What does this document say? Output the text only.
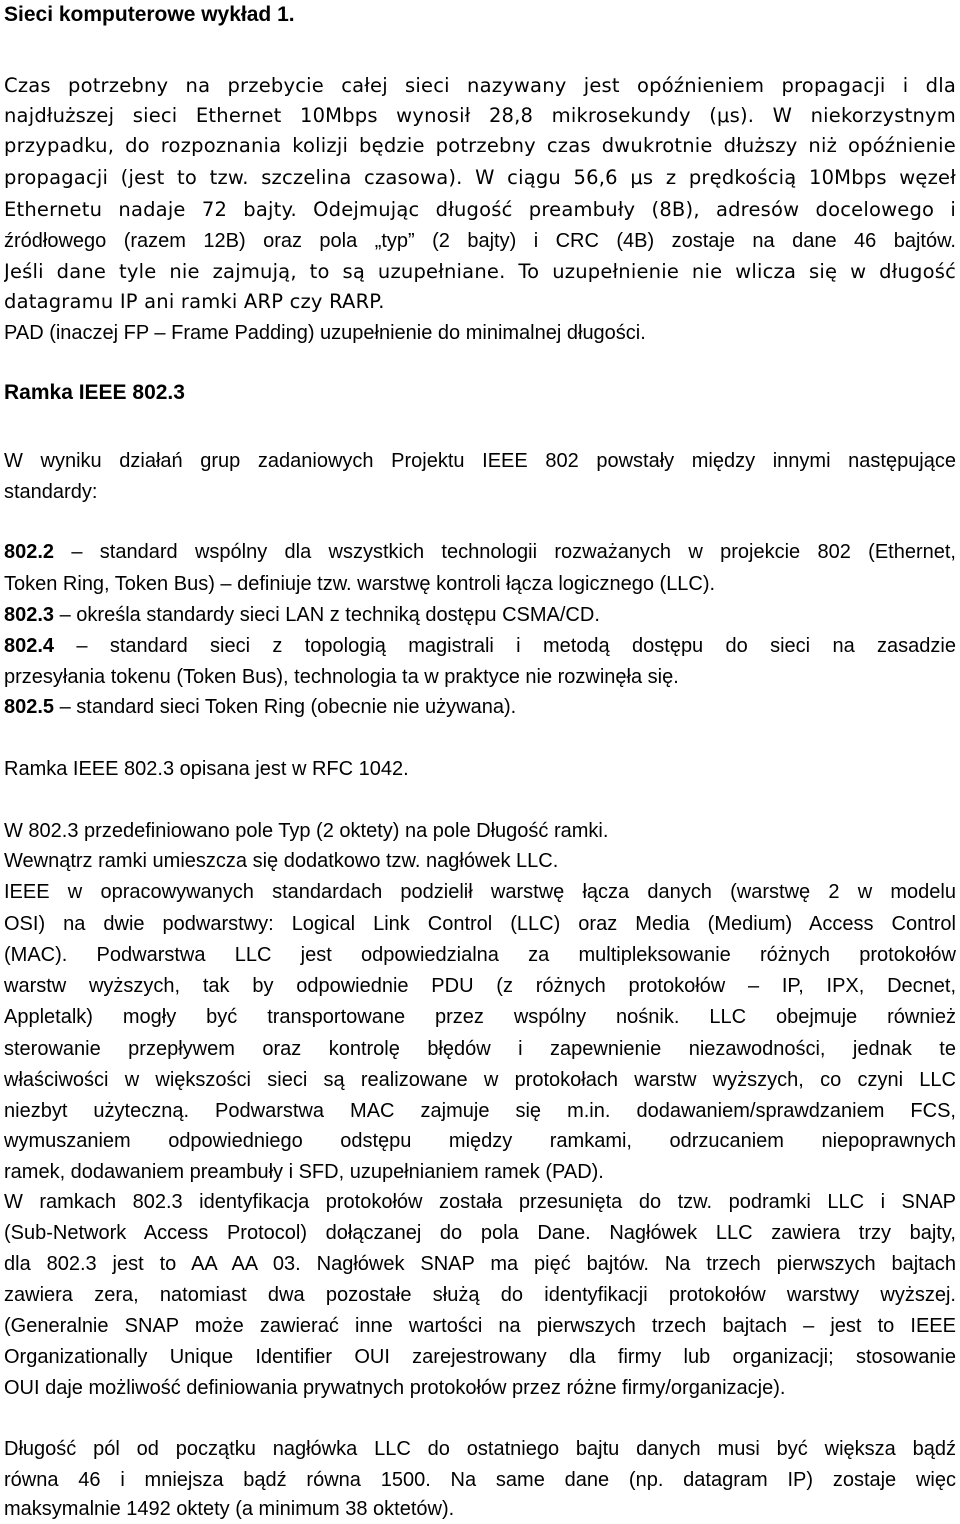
Sieci komputerowe wykład 1.
Czas potrzebny na przebycie całej sieci nazywany jest opóźnieniem propagacji i dla
najdłuższej sieci Ethernet 10Mbps wynosił 28,8 mikrosekundy (μs). W niekorzystnym
przypadku, do rozpoznania kolizji będzie potrzebny czas dwukrotnie dłuższy niż opóźnienie
propagacji (jest to tzw. szczelina czasowa). W ciągu 56,6 μs z prędkością 10Mbps węzeł
Ethernetu nadaje 72 bajty. Odejmując długość preambuły (8B), adresów docelowego i
źródłowego (razem 12B) oraz pola „typ” (2 bajty) i CRC (4B) zostaje na dane 46 bajtów.
Jeśli dane tyle nie zajmują, to są uzupełniane. To uzupełnienie nie wlicza się w długość
datagramu IP ani ramki ARP czy RARP.
PAD (inaczej FP – Frame Padding) uzupełnienie do minimalnej długości.
Ramka IEEE 802.3
W wyniku działań grup zadaniowych Projektu IEEE 802 powstały między innymi następujące
standardy:
802.2 – standard wspólny dla wszystkich technologii rozważanych w projekcie 802 (Ethernet,
Token Ring, Token Bus) – definiuje tzw. warstwę kontroli łącza logicznego (LLC).
802.3 – określa standardy sieci LAN z techniką dostępu CSMA/CD.
802.4 – standard sieci z topologią magistrali i metodą dostępu do sieci na zasadzie
przesyłania tokenu (Token Bus), technologia ta w praktyce nie rozwinęła się.
802.5 – standard sieci Token Ring (obecnie nie używana).
Ramka IEEE 802.3 opisana jest w RFC 1042.
W 802.3 przedefiniowano pole Typ (2 oktety) na pole Długość ramki.
Wewnątrz ramki umieszcza się dodatkowo tzw. nagłówek LLC.
IEEE w opracowywanych standardach podzielił warstwę łącza danych (warstwę 2 w modelu
OSI) na dwie podwarstwy: Logical Link Control (LLC) oraz Media (Medium) Access Control
(MAC). Podwarstwa LLC jest odpowiedzialna za multipleksowanie różnych protokołów
warstw wyższych, tak by odpowiednie PDU (z różnych protokołów – IP, IPX, Decnet,
Appletalk) mogły być transportowane przez wspólny nośnik. LLC obejmuje również
sterowanie przepływem oraz kontrolę błędów i zapewnienie niezawodności, jednak te
właściwości w większości sieci są realizowane w protokołach warstw wyższych, co czyni LLC
niezbyt użyteczną. Podwarstwa MAC zajmuje się m.in. dodawaniem/sprawdzaniem FCS,
wymuszaniem odpowiedniego odstępu między ramkami, odrzucaniem niepoprawnych
ramek, dodawaniem preambuły i SFD, uzupełnianiem ramek (PAD).
W ramkach 802.3 identyfikacja protokołów została przesunięta do tzw. podramki LLC i SNAP
(Sub-Network Access Protocol) dołączanej do pola Dane. Nagłówek LLC zawiera trzy bajty,
dla 802.3 jest to AA AA 03. Nagłówek SNAP ma pięć bajtów. Na trzech pierwszych bajtach
zawiera zera, natomiast dwa pozostałe służą do identyfikacji protokołów warstwy wyższej.
(Generalnie SNAP może zawierać inne wartości na pierwszych trzech bajtach – jest to IEEE
Organizationally Unique Identifier OUI zarejestrowany dla firmy lub organizacji; stosowanie
OUI daje możliwość definiowania prywatnych protokołów przez różne firmy/organizacje).
Długość pól od początku nagłówka LLC do ostatniego bajtu danych musi być większa bądź
równa 46 i mniejsza bądź równa 1500. Na same dane (np. datagram IP) zostaje więc
maksymalnie 1492 oktety (a minimum 38 oktetów).
